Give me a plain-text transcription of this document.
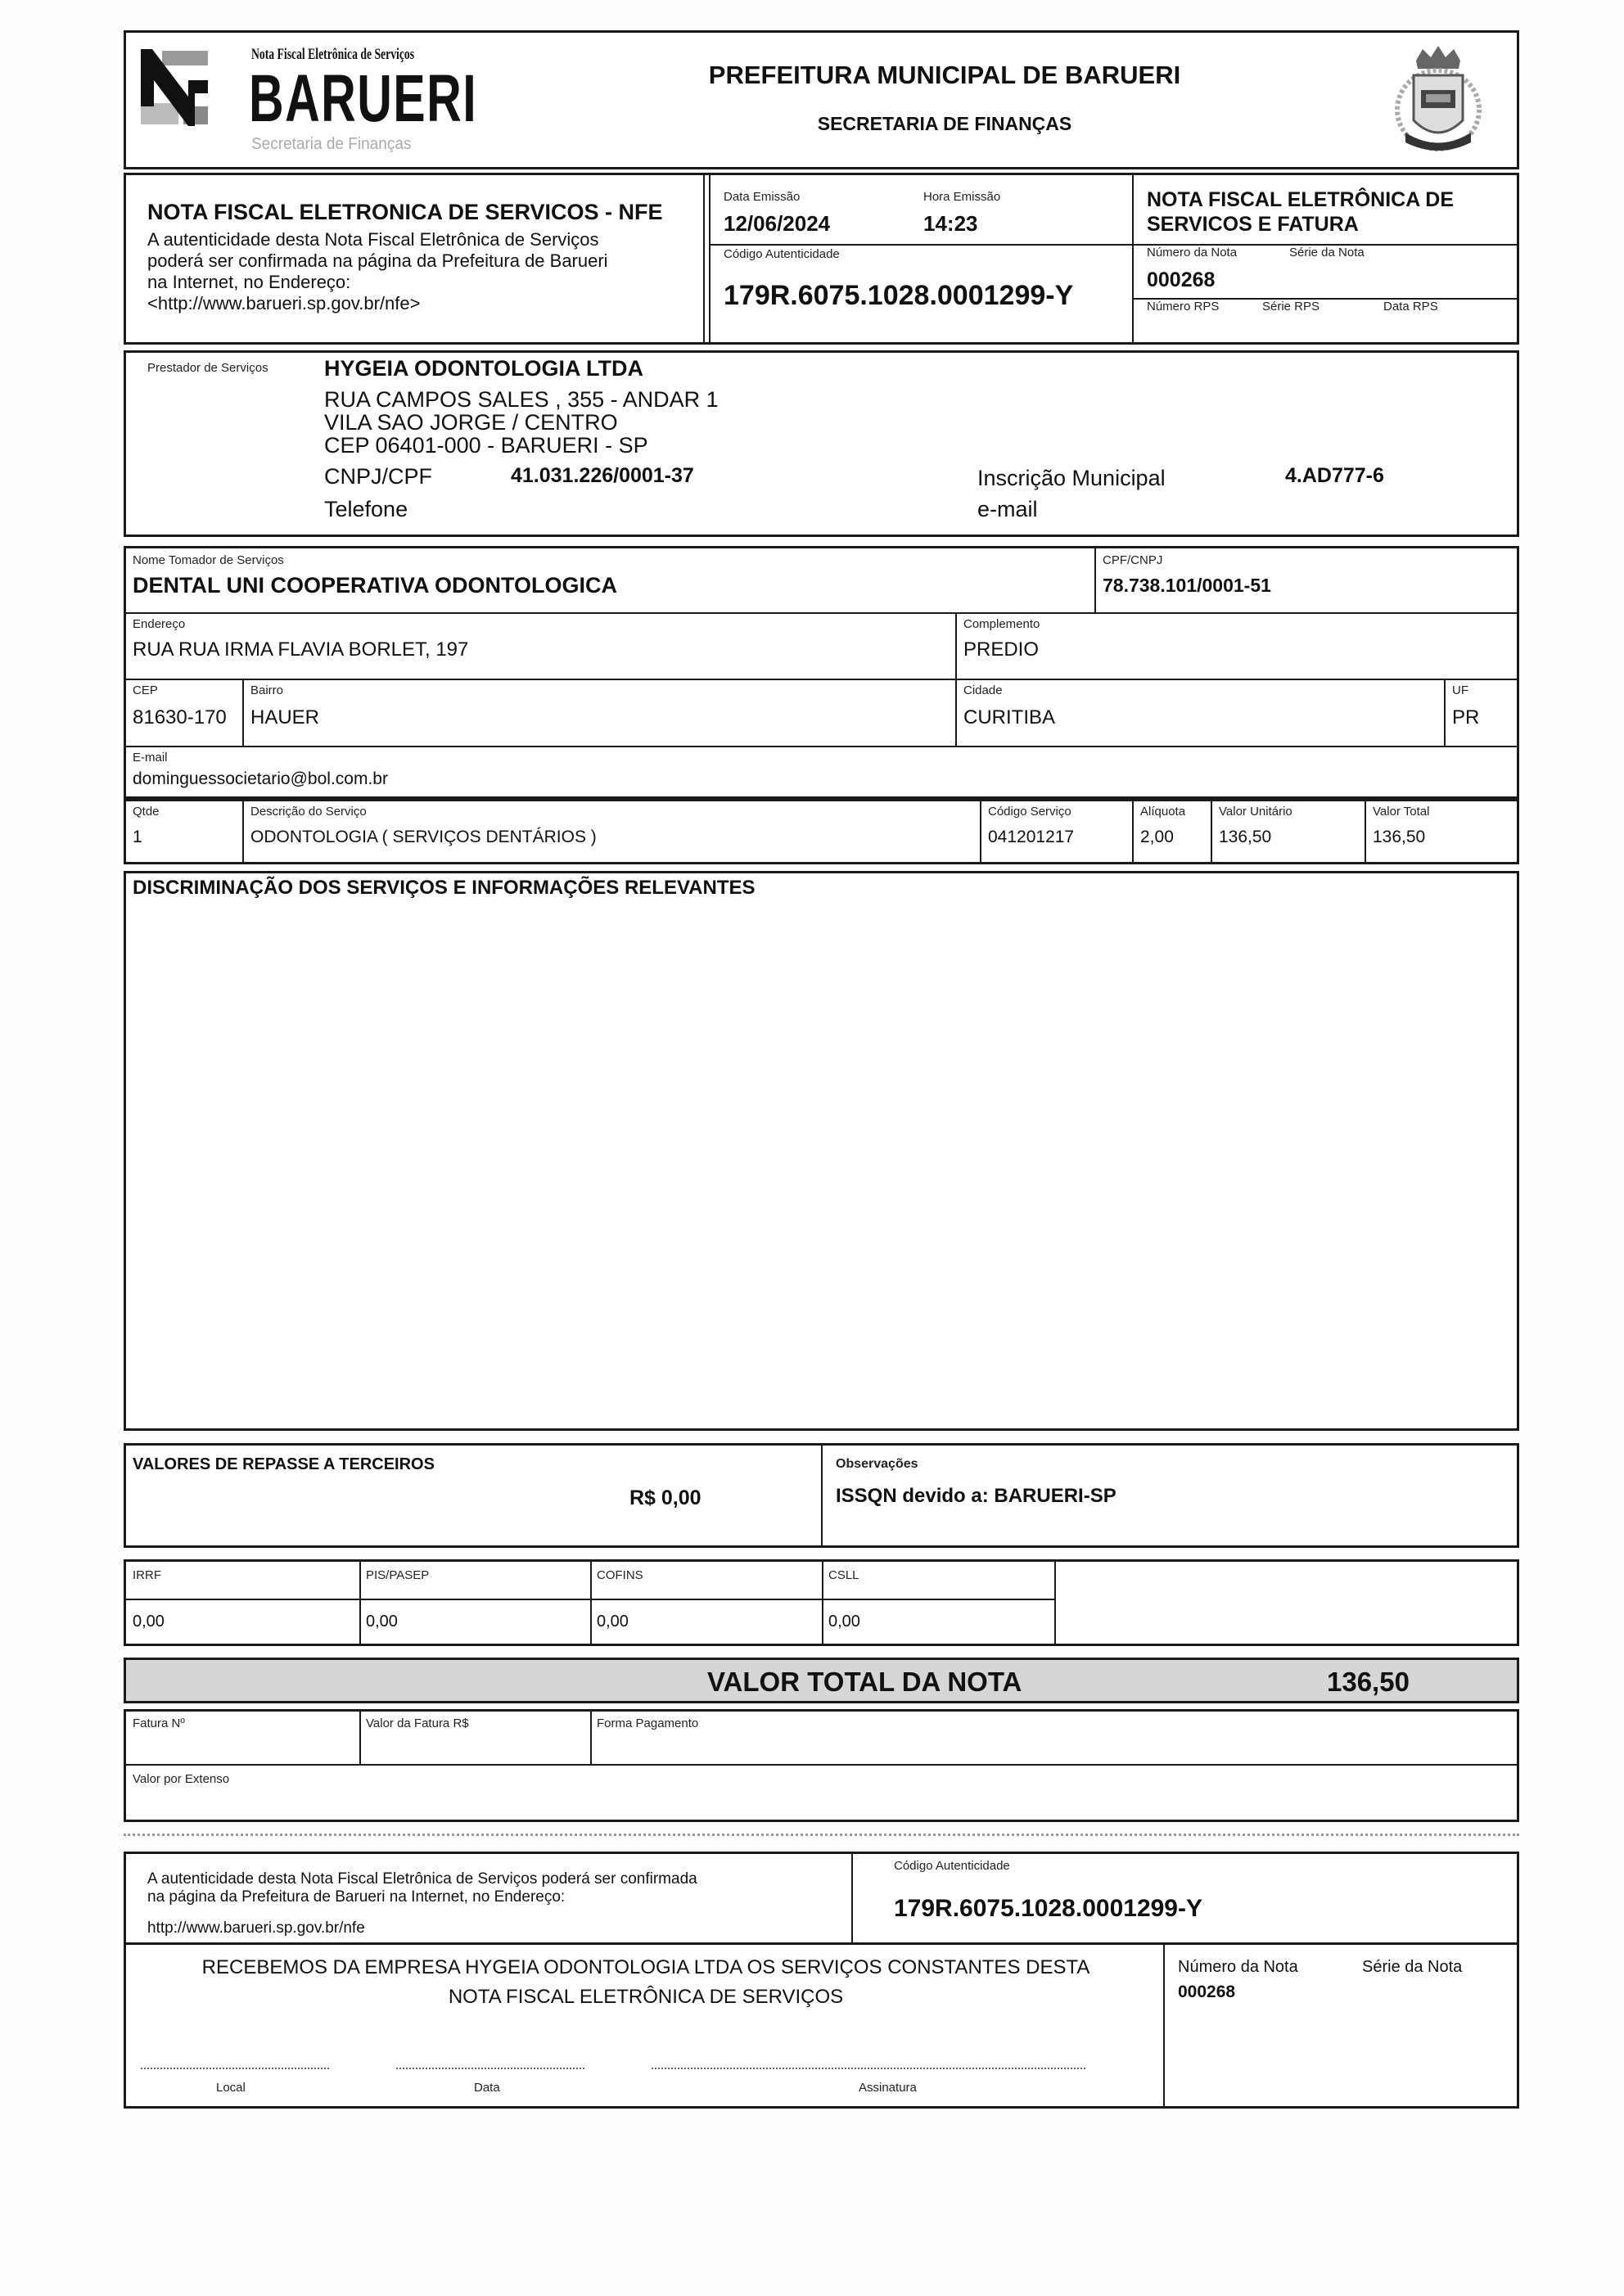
Nota Fiscal Eletrônica de Serviços
BARUERI
Secretaria de Finanças
PREFEITURA MUNICIPAL DE BARUERI
SECRETARIA DE FINANÇAS
NOTA FISCAL ELETRONICA DE SERVICOS - NFE
A autenticidade desta Nota Fiscal Eletrônica de Serviços
poderá ser confirmada na página da Prefeitura de Barueri
na Internet, no Endereço:
<http://www.barueri.sp.gov.br/nfe>
Data Emissão
12/06/2024
Hora Emissão
14:23
Código Autenticidade
179R.6075.1028.0001299-Y
NOTA FISCAL ELETRÔNICA DE
SERVICOS E FATURA
Número da Nota	Série da Nota
000268
Número RPS	Série RPS	Data RPS
Prestador de Serviços	HYGEIA ODONTOLOGIA LTDA
RUA CAMPOS SALES , 355 - ANDAR 1
VILA SAO JORGE / CENTRO
CEP 06401-000 - BARUERI - SP
CNPJ/CPF	41.031.226/0001-37	Inscrição Municipal	4.AD777-6
Telefone	e-mail
Nome Tomador de Serviços
DENTAL UNI COOPERATIVA ODONTOLOGICA
CPF/CNPJ
78.738.101/0001-51
Endereço
RUA RUA IRMA FLAVIA BORLET, 197
Complemento
PREDIO
CEP
81630-170
Bairro
HAUER
Cidade
CURITIBA
UF
PR
E-mail
dominguessocietario@bol.com.br
Qtde
1
Descrição do Serviço
ODONTOLOGIA ( SERVIÇOS DENTÁRIOS )
Código Serviço
041201217
Alíquota
2,00
Valor Unitário
136,50
Valor Total
136,50
DISCRIMINAÇÃO DOS SERVIÇOS E INFORMAÇÕES RELEVANTES
VALORES DE REPASSE A TERCEIROS
R$ 0,00
Observações
ISSQN devido a: BARUERI-SP
IRRF	PIS/PASEP	COFINS	CSLL
0,00	0,00	0,00	0,00
VALOR TOTAL DA NOTA	136,50
Fatura Nº	Valor da Fatura R$	Forma Pagamento
Valor por Extenso
A autenticidade desta Nota Fiscal Eletrônica de Serviços poderá ser confirmada
na página da Prefeitura de Barueri na Internet, no Endereço:
http://www.barueri.sp.gov.br/nfe
Código Autenticidade
179R.6075.1028.0001299-Y
RECEBEMOS DA EMPRESA HYGEIA ODONTOLOGIA LTDA OS SERVIÇOS CONSTANTES DESTA
NOTA FISCAL ELETRÔNICA DE SERVIÇOS
Local	Data	Assinatura
Número da Nota	Série da Nota
000268
